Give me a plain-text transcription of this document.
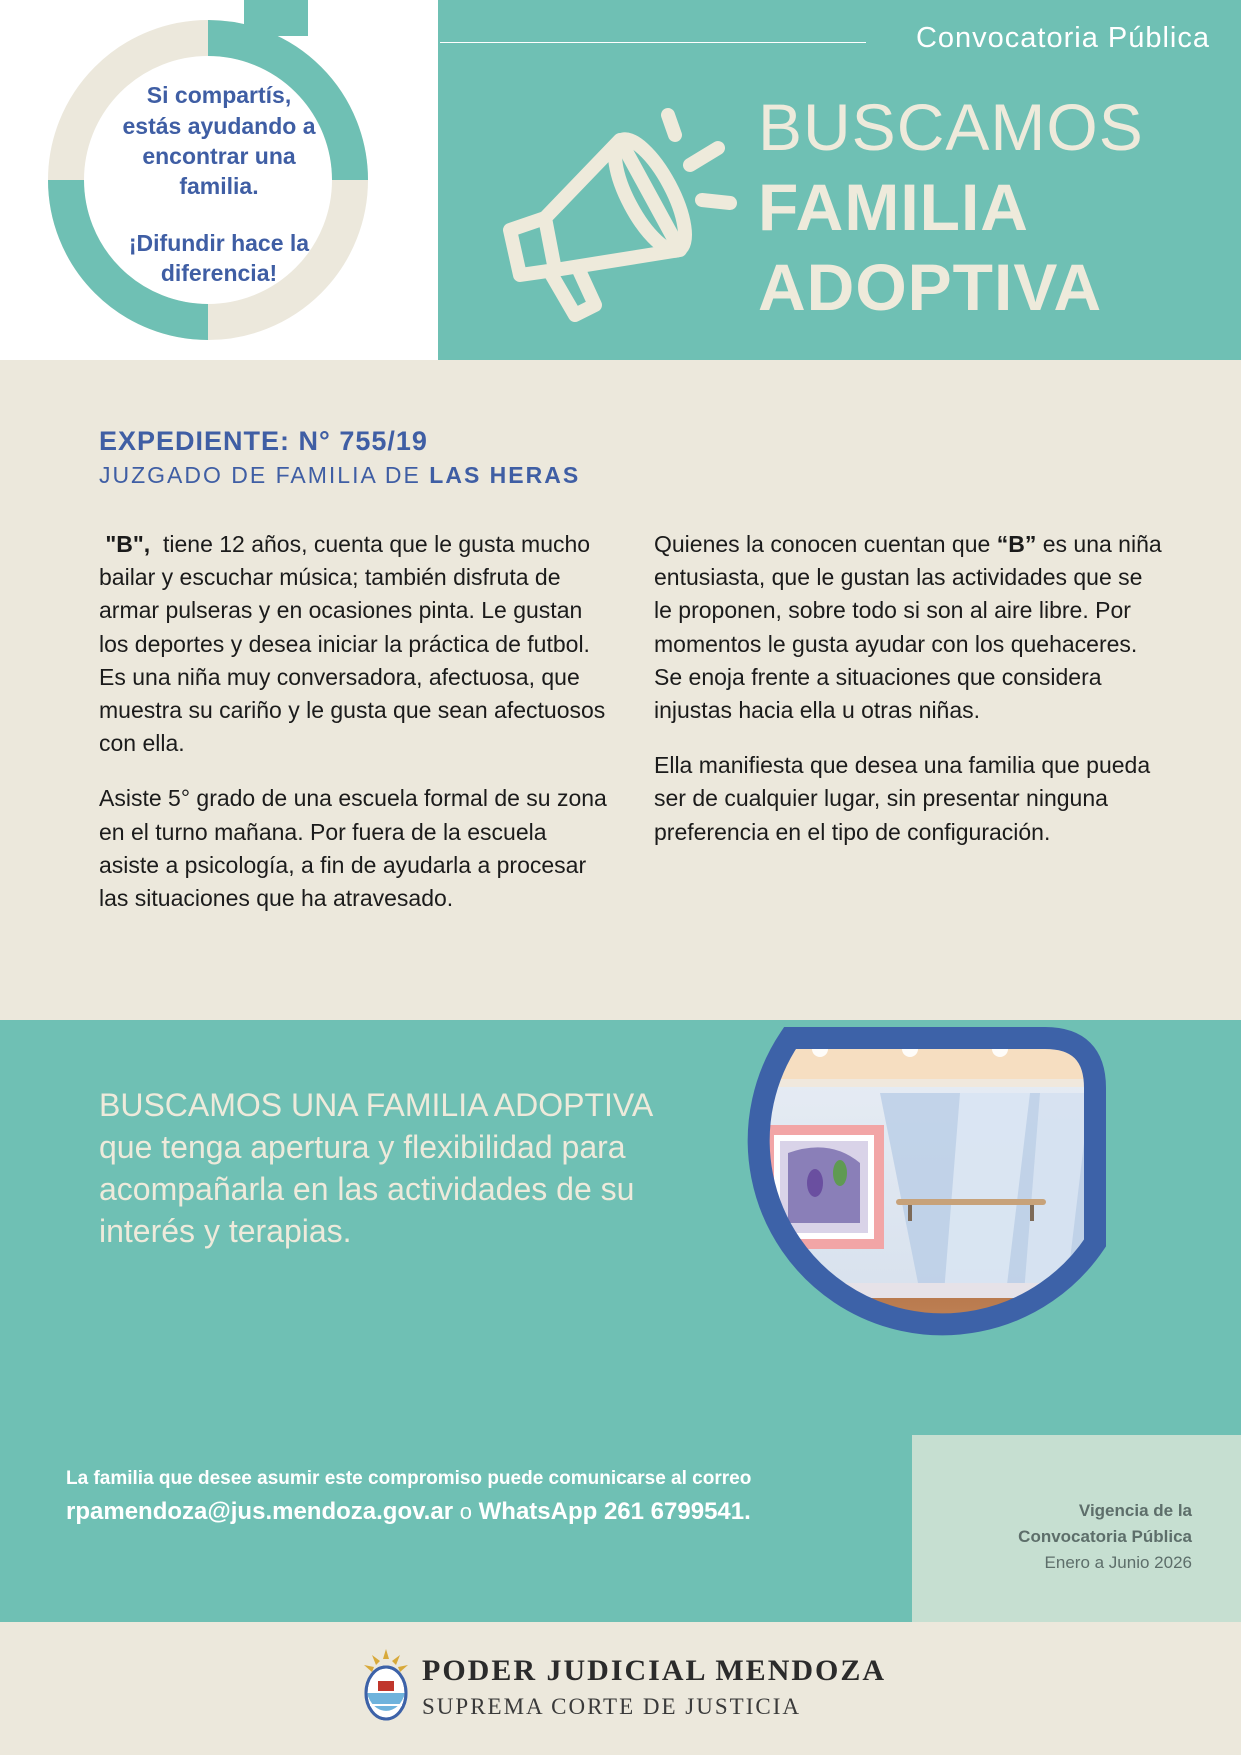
Si compartís,
estás ayudando a encontrar una familia.
¡Difundir hace la diferencia!
Convocatoria Pública
BUSCAMOS
FAMILIA
ADOPTIVA
EXPEDIENTE: N° 755/19
JUZGADO DE FAMILIA DE LAS HERAS

"B", tiene 12 años, cuenta que le gusta mucho bailar y escuchar música; también disfruta de armar pulseras y en ocasiones pinta. Le gustan los deportes y desea iniciar la práctica de futbol. Es una niña muy conversadora, afectuosa, que muestra su cariño y le gusta que sean afectuosos con ella.

Asiste 5° grado de una escuela formal de su zona en el turno mañana. Por fuera de la escuela asiste a psicología, a fin de ayudarla a procesar las situaciones que ha atravesado.

Quienes la conocen cuentan que “B” es una niña entusiasta, que le gustan las actividades que se le proponen, sobre todo si son al aire libre. Por momentos le gusta ayudar con los quehaceres. Se enoja frente a situaciones que considera injustas hacia ella u otras niñas.

Ella manifiesta que desea una familia que pueda ser de cualquier lugar, sin presentar ninguna preferencia en el tipo de configuración.

BUSCAMOS UNA FAMILIA ADOPTIVA que tenga apertura y flexibilidad para acompañarla en las actividades de su interés y terapias.
La familia que desee asumir este compromiso puede comunicarse al correo
rpamendoza@jus.mendoza.gov.ar o WhatsApp 261 6799541.	Vigencia de la
Convocatoria Pública
Enero a Junio 2026
PODER JUDICIAL MENDOZA
SUPREMA CORTE DE JUSTICIA
